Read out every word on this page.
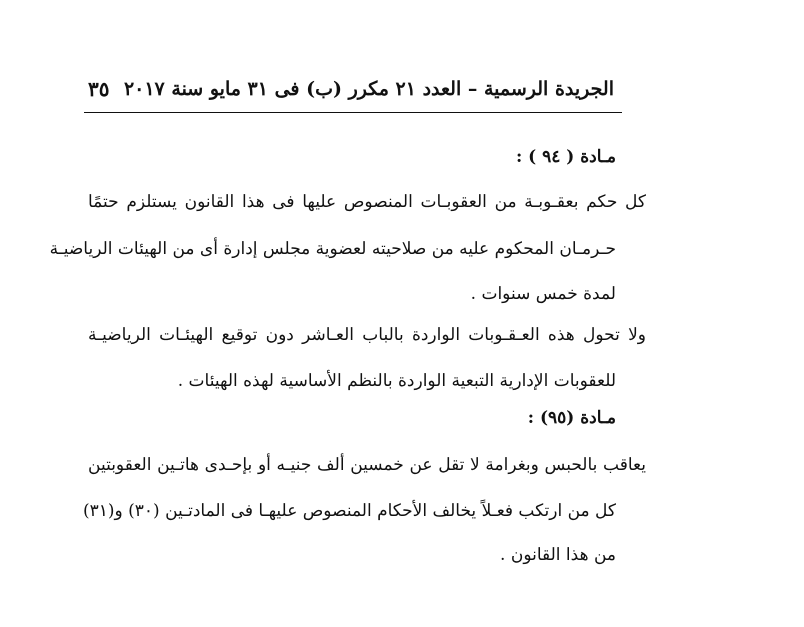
الجريدة الرسمية – العدد ٢١ مكرر (ب) فى ٣١ مايو سنة ٢٠١٧
٣٥
مـادة ( ٩٤ ) :
كل حكم بعقـوبـة من العقوبـات المنصوص عليها فى هذا القانون يستلزم حتمًا
حـرمـان المحكوم عليه من صلاحيته لعضوية مجلس إدارة أى من الهيئات الرياضيـة
لمدة خمس سنوات .
ولا تحول هذه العـقـوبات الواردة بالباب العـاشر دون توقيع الهيئـات الرياضيـة
للعقوبات الإدارية التبعية الواردة بالنظم الأساسية لهذه الهيئات .
مـادة (٩٥) :
يعاقب بالحبس وبغرامة لا تقل عن خمسين ألف جنيـه أو بإحـدى هاتـين العقوبتين
كل من ارتكب فعـلاً يخالف الأحكام المنصوص عليهـا فى المادتـين (٣٠) و(٣١)
من هذا القانون .
